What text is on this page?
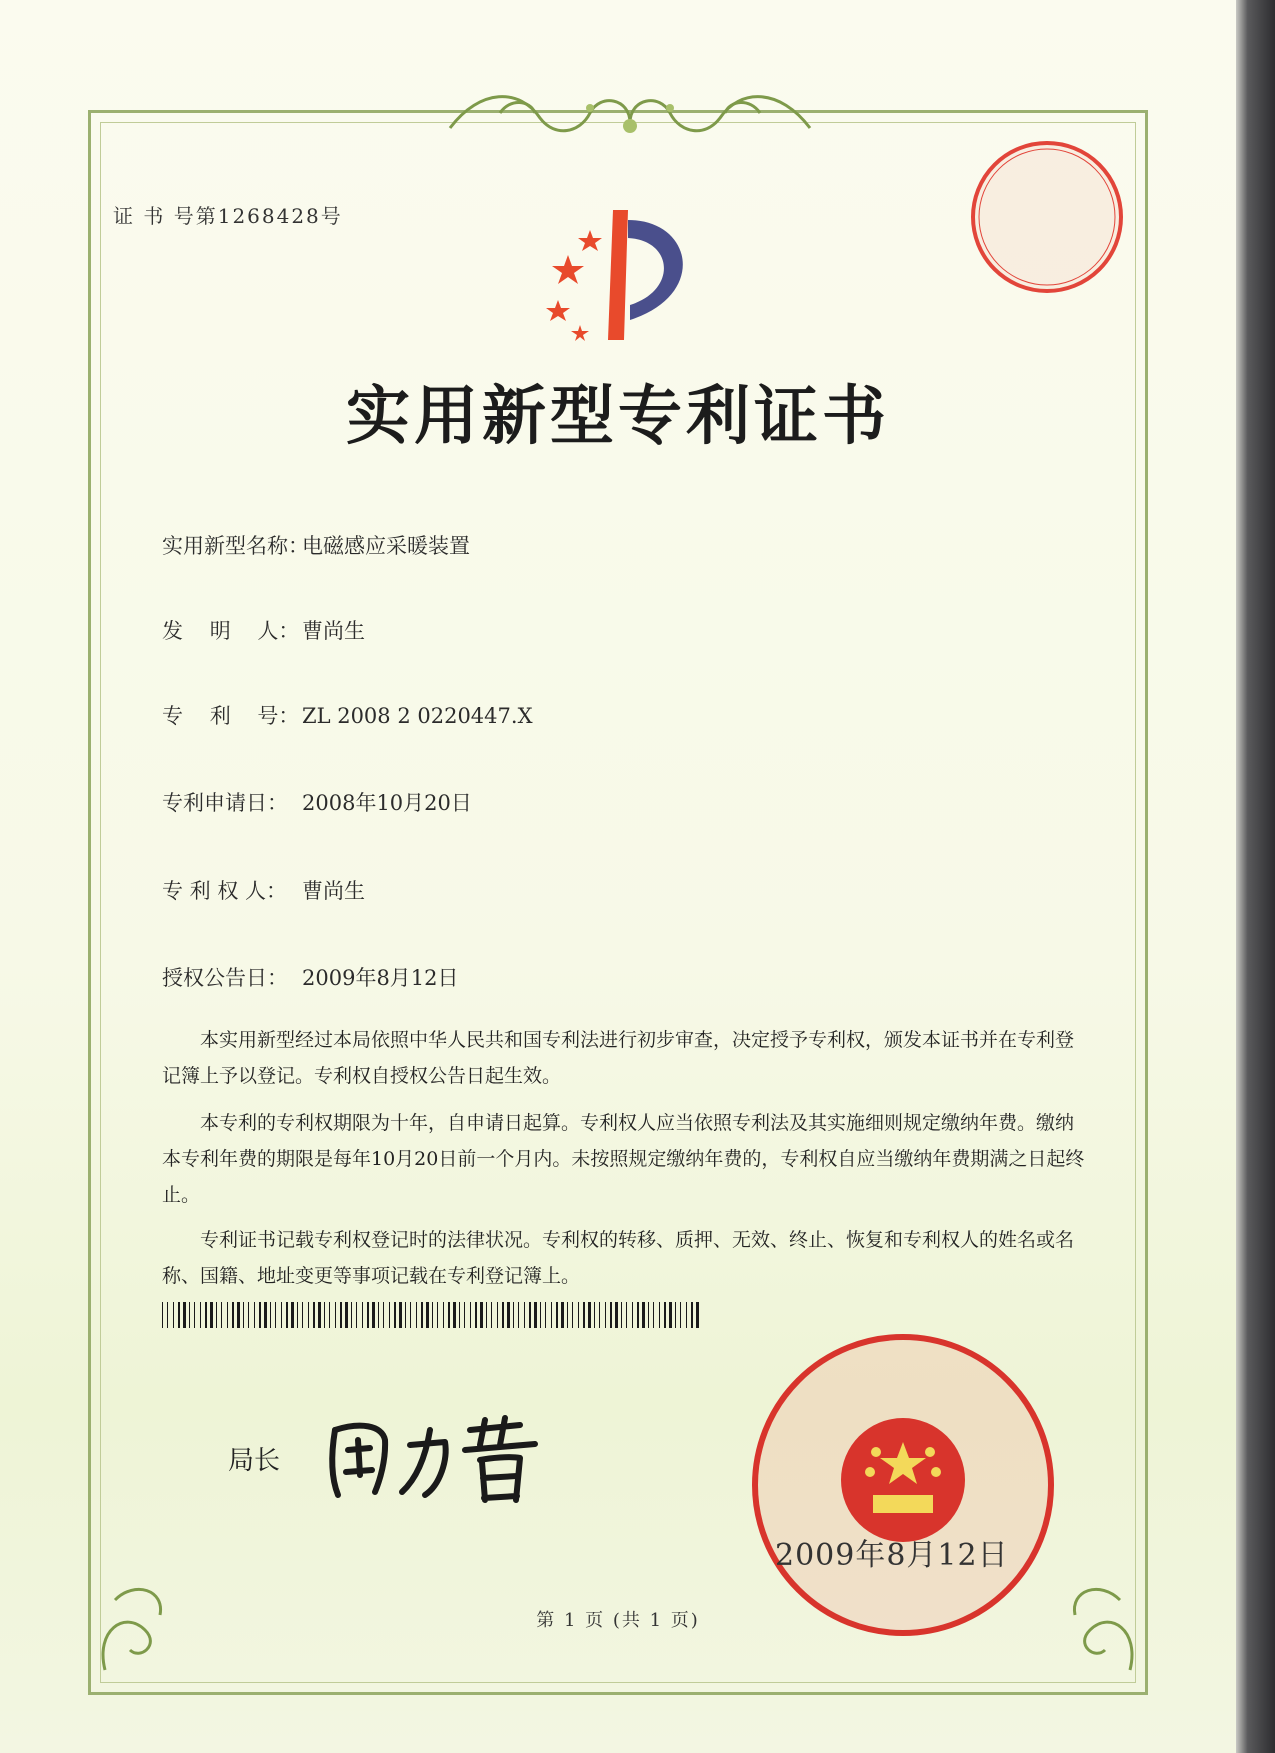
证 书 号第1268428号
实用新型专利证书
实用新型名称：电磁感应采暖装置
发    明    人： 曹尚生
专    利    号： ZL 2008 2 0220447.X
专利申请日： 2008年10月20日
专 利 权 人： 曹尚生
授权公告日： 2009年8月12日
本实用新型经过本局依照中华人民共和国专利法进行初步审查，决定授予专利权，颁发本证书并在专利登记簿上予以登记。专利权自授权公告日起生效。
本专利的专利权期限为十年，自申请日起算。专利权人应当依照专利法及其实施细则规定缴纳年费。缴纳本专利年费的期限是每年10月20日前一个月内。未按照规定缴纳年费的，专利权自应当缴纳年费期满之日起终止。
专利证书记载专利权登记时的法律状况。专利权的转移、质押、无效、终止、恢复和专利权人的姓名或名称、国籍、地址变更等事项记载在专利登记簿上。
局长
2009年8月12日
第 1 页 (共 1 页)
